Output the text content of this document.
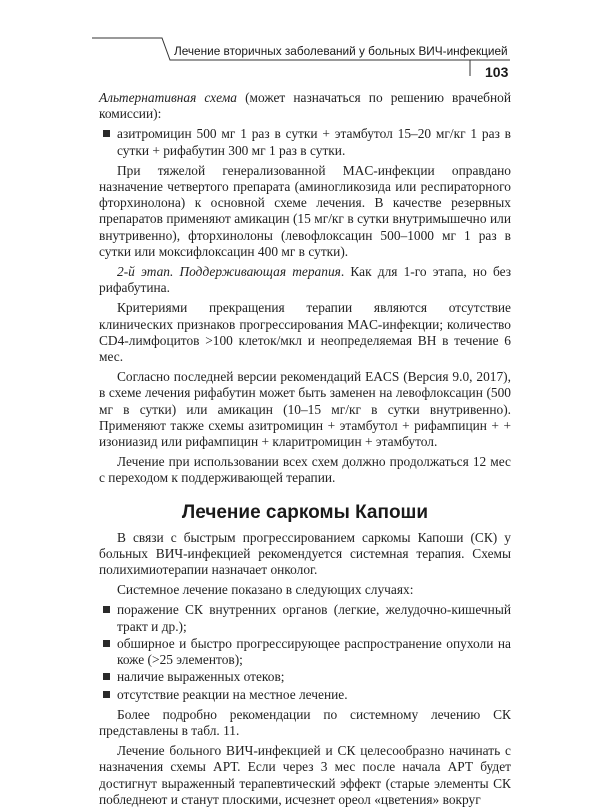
Лечение вторичных заболеваний у больных ВИЧ-инфекцией
103

Альтернативная схема (может назначаться по решению врачебной комиссии):

азитромицин 500 мг 1 раз в сутки + этамбутол 15–20 мг/кг 1 раз в сутки + рифабутин 300 мг 1 раз в сутки.

При тяжелой генерализованной MAC-инфекции оправдано назначение четвертого препарата (аминогликозида или респираторного фторхинолона) к основной схеме лечения. В качестве резервных препаратов применяют амикацин (15 мг/кг в сутки внутримышечно или внутривенно), фторхинолоны (левофлоксацин 500–1000 мг 1 раз в сутки или моксифлоксацин 400 мг в сутки).

2-й этап. Поддерживающая терапия. Как для 1-го этапа, но без рифабутина.

Критериями прекращения терапии являются отсутствие клинических признаков прогрессирования MAC-инфекции; количество CD4-лимфоцитов >100 клеток/мкл и неопределяемая ВН в течение 6 мес.

Согласно последней версии рекомендаций EACS (Версия 9.0, 2017), в схеме лечения рифабутин может быть заменен на левофлоксацин (500 мг в сутки) или амикацин (10–15 мг/кг в сутки внутривенно). Применяют также схемы азитромицин + этамбутол + рифампицин + + изониазид или рифампицин + кларитромицин + этамбутол.

Лечение при использовании всех схем должно продолжаться 12 мес с переходом к поддерживающей терапии.

Лечение саркомы Капоши

В связи с быстрым прогрессированием саркомы Капоши (СК) у больных ВИЧ-инфекцией рекомендуется системная терапия. Схемы полихимиотерапии назначает онколог.

Системное лечение показано в следующих случаях:

поражение СК внутренних органов (легкие, желудочно-кишечный тракт и др.);
обширное и быстро прогрессирующее распространение опухоли на коже (>25 элементов);
наличие выраженных отеков;
отсутствие реакции на местное лечение.

Более подробно рекомендации по системному лечению СК представлены в табл. 11.

Лечение больного ВИЧ-инфекцией и СК целесообразно начинать с назначения схемы АРТ. Если через 3 мес после начала АРТ будет достигнут выраженный терапевтический эффект (старые элементы СК побледнеют и станут плоскими, исчезнет ореол «цветения» вокруг
